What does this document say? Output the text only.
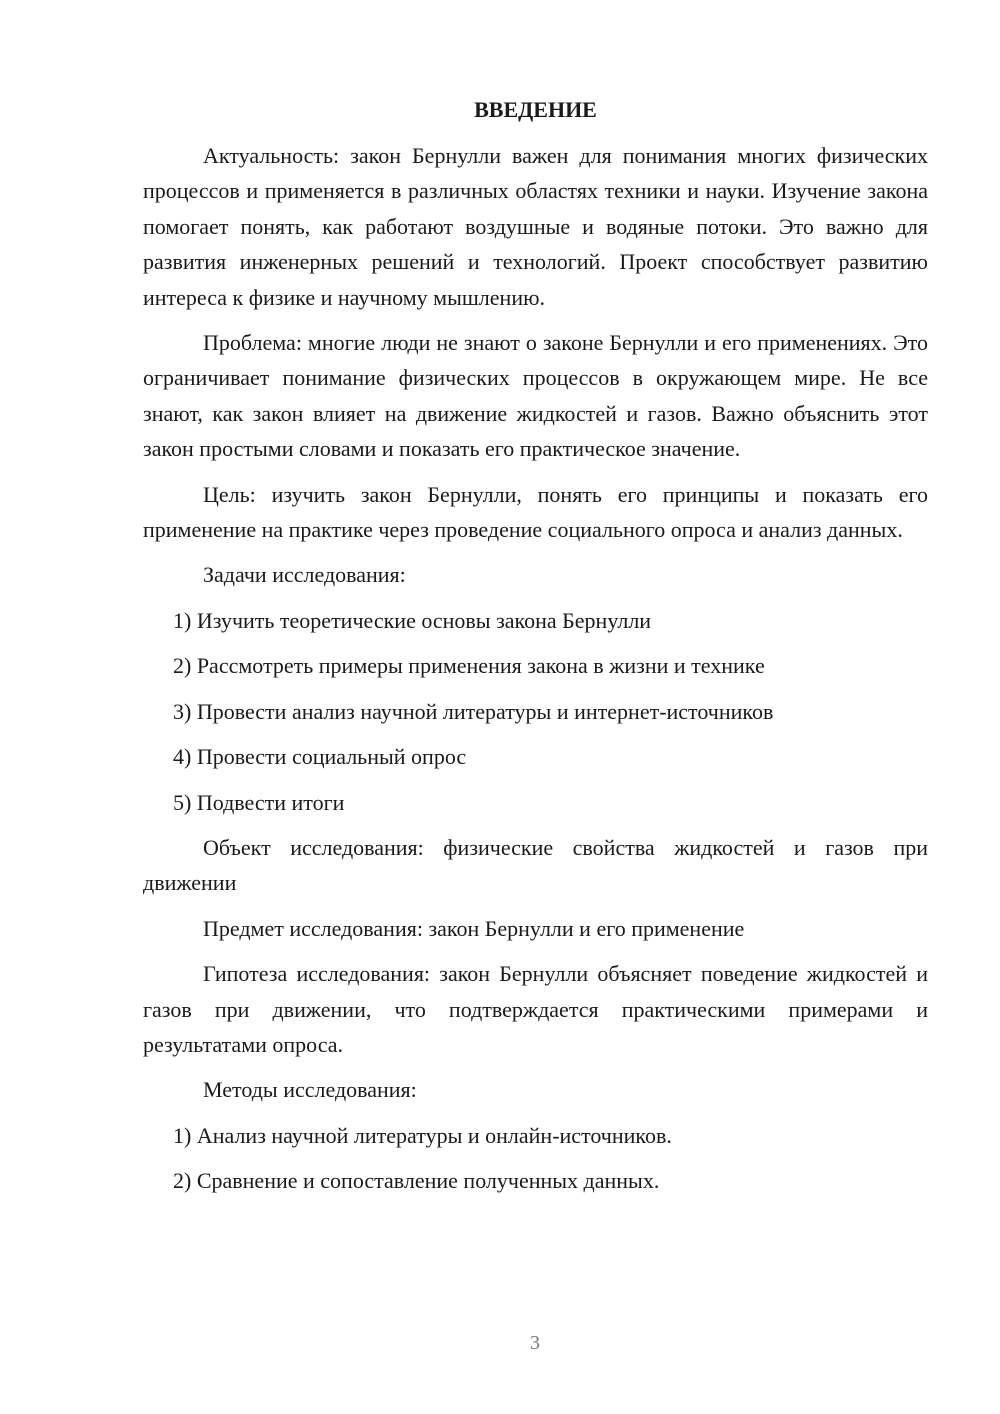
ВВЕДЕНИЕ

Актуальность: закон Бернулли важен для понимания многих физических процессов и применяется в различных областях техники и науки. Изучение закона помогает понять, как работают воздушные и водяные потоки. Это важно для развития инженерных решений и технологий. Проект способствует развитию интереса к физике и научному мышлению.

Проблема: многие люди не знают о законе Бернулли и его применениях. Это ограничивает понимание физических процессов в окружающем мире. Не все знают, как закон влияет на движение жидкостей и газов. Важно объяснить этот закон простыми словами и показать его практическое значение.

Цель: изучить закон Бернулли, понять его принципы и показать его применение на практике через проведение социального опроса и анализ данных.

Задачи исследования:

1) Изучить теоретические основы закона Бернулли

2) Рассмотреть примеры применения закона в жизни и технике

3) Провести анализ научной литературы и интернет-источников

4) Провести социальный опрос

5) Подвести итоги

Объект исследования: физические свойства жидкостей и газов при движении

Предмет исследования: закон Бернулли и его применение

Гипотеза исследования: закон Бернулли объясняет поведение жидкостей и газов при движении, что подтверждается практическими примерами и результатами опроса.

Методы исследования:

1) Анализ научной литературы и онлайн-источников.

2) Сравнение и сопоставление полученных данных.

3
